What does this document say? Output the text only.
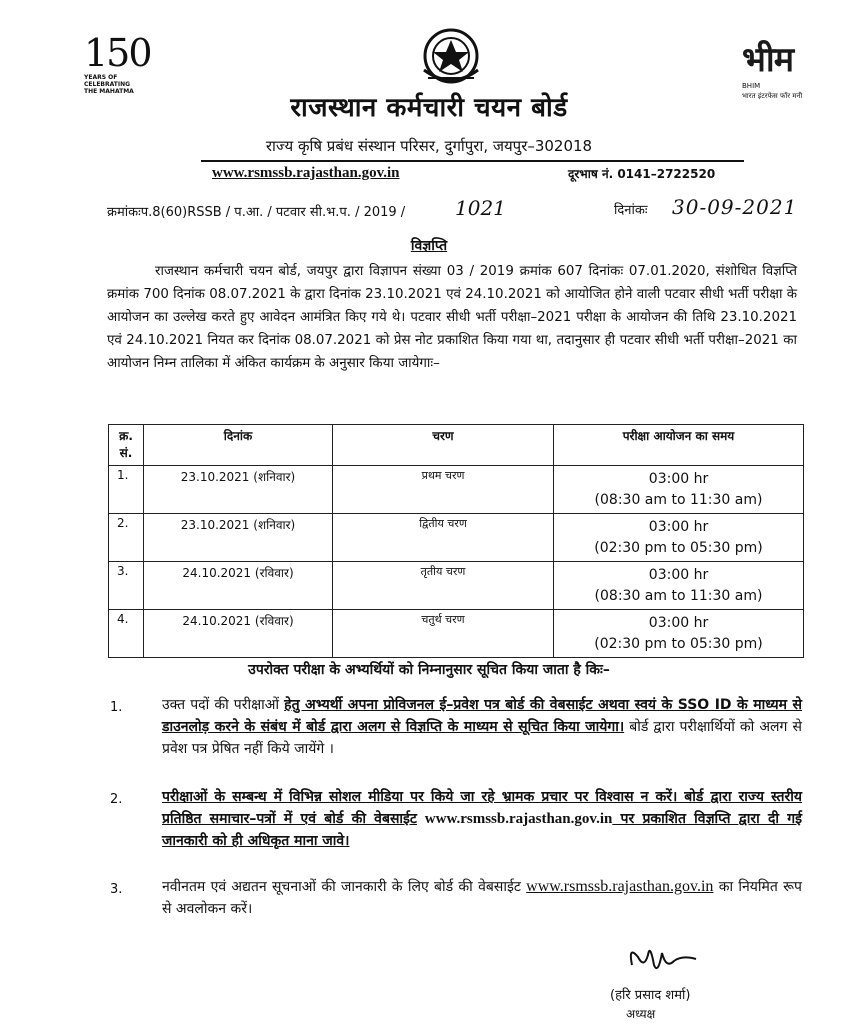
150
YEARS OF CELEBRATING THE MAHATMA
भीम
BHIM
भारत इंटरफेस फॉर मनी
राजस्थान कर्मचारी चयन बोर्ड
राज्य कृषि प्रबंध संस्थान परिसर, दुर्गापुरा, जयपुर–302018
www.rsmssb.rajasthan.gov.in	दूरभाष नं. 0141–2722520
क्रमांकःप.8(60)RSSB / प.आ. / पटवार सी.भ.प. / 2019 / 1021	दिनांकः 30-09-2021
विज्ञप्ति
राजस्थान कर्मचारी चयन बोर्ड, जयपुर द्वारा विज्ञापन संख्या 03 / 2019 क्रमांक 607 दिनांकः 07.01.2020, संशोधित विज्ञप्ति क्रमांक 700 दिनांक 08.07.2021 के द्वारा दिनांक 23.10.2021 एवं 24.10.2021 को आयोजित होने वाली पटवार सीधी भर्ती परीक्षा के आयोजन का उल्लेख करते हुए आवेदन आमंत्रित किए गये थे। पटवार सीधी भर्ती परीक्षा–2021 परीक्षा के आयोजन की तिथि 23.10.2021 एवं 24.10.2021 नियत कर दिनांक 08.07.2021 को प्रेस नोट प्रकाशित किया गया था, तदानुसार ही पटवार सीधी भर्ती परीक्षा–2021 का आयोजन निम्न तालिका में अंकित कार्यक्रम के अनुसार किया जायेगाः–
क्र. सं.	दिनांक	चरण	परीक्षा आयोजन का समय
1.	23.10.2021 (शनिवार)	प्रथम चरण	03:00 hr
(08:30 am to 11:30 am)
2.	23.10.2021 (शनिवार)	द्वितीय चरण	03:00 hr
(02:30 pm to 05:30 pm)
3.	24.10.2021 (रविवार)	तृतीय चरण	03:00 hr
(08:30 am to 11:30 am)
4.	24.10.2021 (रविवार)	चतुर्थ चरण	03:00 hr
(02:30 pm to 05:30 pm)
उपरोक्त परीक्षा के अभ्यर्थियों को निम्नानुसार सूचित किया जाता है किः–
1.	उक्त पदों की परीक्षाओं हेतु अभ्यर्थी अपना प्रोविजनल ई–प्रवेश पत्र बोर्ड की वेबसाईट अथवा स्वयं के SSO ID के माध्यम से डाउनलोड़ करने के संबंध में बोर्ड द्वारा अलग से विज्ञप्ति के माध्यम से सूचित किया जायेगा। बोर्ड द्वारा परीक्षार्थियों को अलग से प्रवेश पत्र प्रेषित नहीं किये जायेंगे ।
2.	परीक्षाओं के सम्बन्ध में विभिन्न सोशल मीडिया पर किये जा रहे भ्रामक प्रचार पर विश्वास न करें। बोर्ड द्वारा राज्य स्तरीय प्रतिष्ठित समाचार–पत्रों में एवं बोर्ड की वेबसाईट www.rsmssb.rajasthan.gov.in पर प्रकाशित विज्ञप्ति द्वारा दी गई जानकारी को ही अधिकृत माना जावे।
3.	नवीनतम एवं अद्यतन सूचनाओं की जानकारी के लिए बोर्ड की वेबसाईट www.rsmssb.rajasthan.gov.in का नियमित रूप से अवलोकन करें।
(हरि प्रसाद शर्मा)
अध्यक्ष
